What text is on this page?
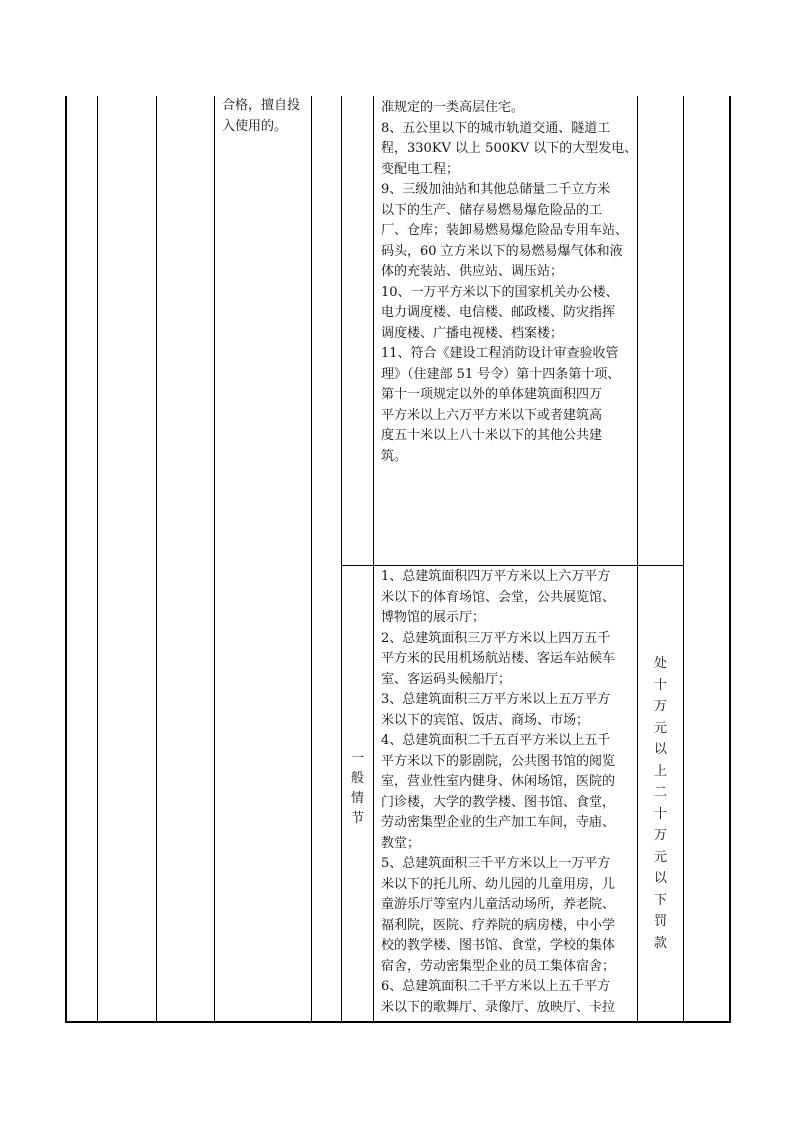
合格，擅自投
入使用的。
准规定的一类高层住宅。
8、五公里以下的城市轨道交通、隧道工
程，330KV 以上 500KV 以下的大型发电、
变配电工程；
9、三级加油站和其他总储量二千立方米
以下的生产、储存易燃易爆危险品的工
厂、仓库；装卸易燃易爆危险品专用车站、
码头，60 立方米以下的易燃易爆气体和液
体的充装站、供应站、调压站；
10、一万平方米以下的国家机关办公楼、
电力调度楼、电信楼、邮政楼、防灾指挥
调度楼、广播电视楼、档案楼；
11、符合《建设工程消防设计审查验收管
理》（住建部 51 号令）第十四条第十项、
第十一项规定以外的单体建筑面积四万
平方米以上六万平方米以下或者建筑高
度五十米以上八十米以下的其他公共建
筑。
1、总建筑面积四万平方米以上六万平方
米以下的体育场馆、会堂，公共展览馆、
博物馆的展示厅；
2、总建筑面积三万平方米以上四万五千
平方米的民用机场航站楼、客运车站候车
室、客运码头候船厅；
3、总建筑面积三万平方米以上五万平方
米以下的宾馆、饭店、商场、市场；
4、总建筑面积二千五百平方米以上五千
平方米以下的影剧院，公共图书馆的阅览
室，营业性室内健身、休闲场馆，医院的
门诊楼，大学的教学楼、图书馆、食堂，
劳动密集型企业的生产加工车间，寺庙、
教堂；
5、总建筑面积三千平方米以上一万平方
米以下的托儿所、幼儿园的儿童用房，儿
童游乐厅等室内儿童活动场所，养老院、
福利院，医院、疗养院的病房楼，中小学
校的教学楼、图书馆、食堂，学校的集体
宿舍，劳动密集型企业的员工集体宿舍；
6、总建筑面积二千平方米以上五千平方
米以下的歌舞厅、录像厅、放映厅、卡拉
一
般
情
节
处
十
万
元
以
上
二
十
万
元
以
下
罚
款
